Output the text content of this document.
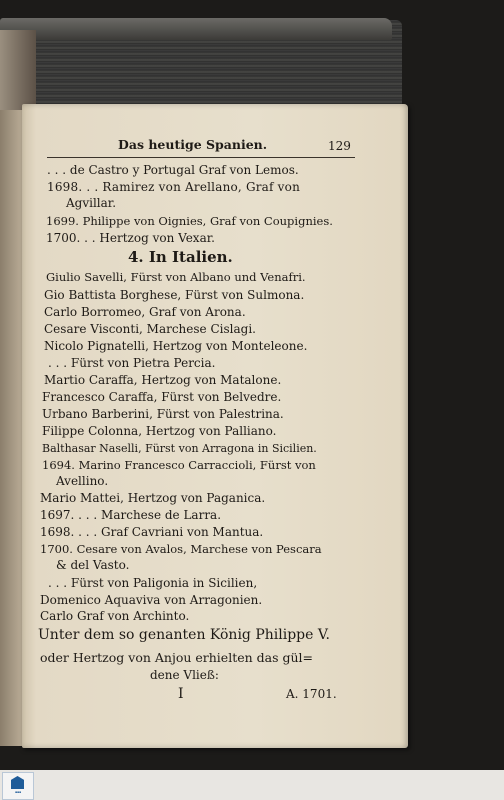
Das heutige Spanien.	129
. . . de Castro y Portugal Graf von Lemos.
1698. . . Ramirez von Arellano, Graf von
Agvillar.
1699. Philippe von Oignies, Graf von Coupignies.
1700. . . Hertzog von Vexar.
4. In Italien.
Giulio Savelli, Fürst von Albano und Venafri.
Gio Battista Borghese, Fürst von Sulmona.
Carlo Borromeo, Graf von Arona.
Cesare Visconti, Marchese Cislagi.
Nicolo Pignatelli, Hertzog von Monteleone.
. . . Fürst von Pietra Percia.
Martio Caraffa, Hertzog von Matalone.
Francesco Caraffa, Fürst von Belvedre.
Urbano Barberini, Fürst von Palestrina.
Filippe Colonna, Hertzog von Palliano.
Balthasar Naselli, Fürst von Arragona in Sicilien.
1694. Marino Francesco Carraccioli, Fürst von
Avellino.
Mario Mattei, Hertzog von Paganica.
1697. . . . Marchese de Larra.
1698. . . . Graf Cavriani von Mantua.
1700. Cesare von Avalos, Marchese von Pescara
& del Vasto.
. . . Fürst von Paligonia in Sicilien,
Domenico Aquaviva von Arragonien.
Carlo Graf von Archinto.
Unter dem so genanten König Philippe V.
oder Hertzog von Anjou erhielten das gül=
dene Vließ:
I	A. 1701.
▪▪▪
